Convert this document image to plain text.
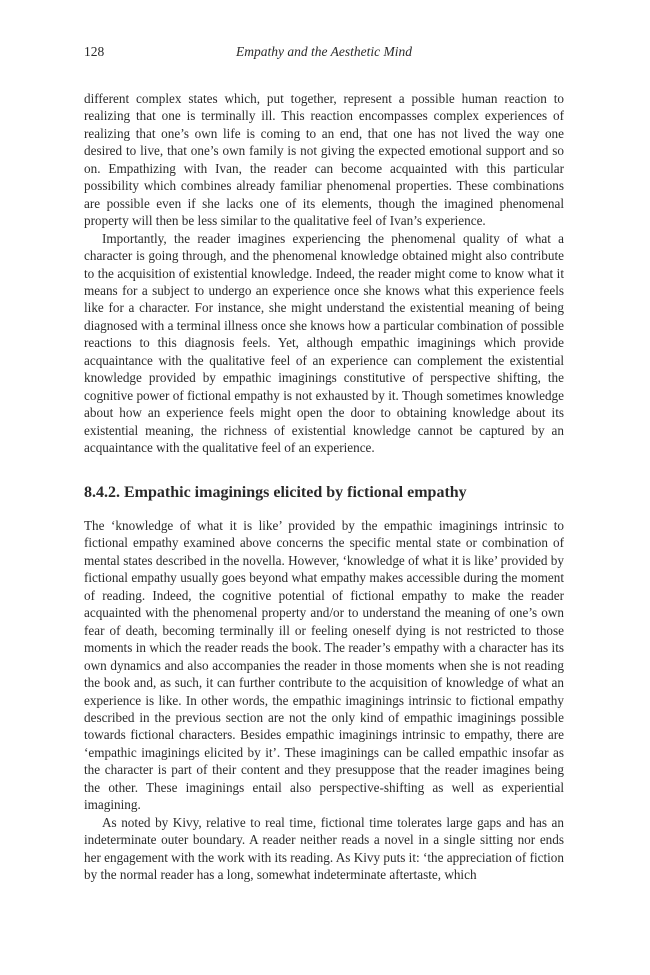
128	Empathy and the Aesthetic Mind

different complex states which, put together, represent a possible human reaction to realizing that one is terminally ill. This reaction encompasses complex experiences of realizing that one’s own life is coming to an end, that one has not lived the way one desired to live, that one’s own family is not giving the expected emotional support and so on. Empathizing with Ivan, the reader can become acquainted with this particular possibility which combines already familiar phenomenal properties. These combinations are possible even if she lacks one of its elements, though the imagined phenomenal property will then be less similar to the qualitative feel of Ivan’s experience.

Importantly, the reader imagines experiencing the phenomenal quality of what a character is going through, and the phenomenal knowledge obtained might also contribute to the acquisition of existential knowledge. Indeed, the reader might come to know what it means for a subject to undergo an experience once she knows what this experience feels like for a character. For instance, she might understand the existential meaning of being diagnosed with a terminal illness once she knows how a particular combination of possible reactions to this diagnosis feels. Yet, although empathic imaginings which provide acquaintance with the qualitative feel of an experience can complement the existential knowledge provided by empathic imaginings constitutive of perspective shifting, the cognitive power of fictional empathy is not exhausted by it. Though sometimes knowledge about how an experience feels might open the door to obtaining knowledge about its existential meaning, the richness of existential knowledge cannot be captured by an acquaintance with the qualitative feel of an experience.

8.4.2. Empathic imaginings elicited by fictional empathy

The ‘knowledge of what it is like’ provided by the empathic imaginings intrinsic to fictional empathy examined above concerns the specific mental state or combination of mental states described in the novella. However, ‘knowledge of what it is like’ provided by fictional empathy usually goes beyond what empathy makes accessible during the moment of reading. Indeed, the cognitive potential of fictional empathy to make the reader acquainted with the phenomenal property and/or to understand the meaning of one’s own fear of death, becoming terminally ill or feeling oneself dying is not restricted to those moments in which the reader reads the book. The reader’s empathy with a character has its own dynamics and also accompanies the reader in those moments when she is not reading the book and, as such, it can further contribute to the acquisition of knowledge of what an experience is like. In other words, the empathic imaginings intrinsic to fictional empathy described in the previous section are not the only kind of empathic imaginings possible towards fictional characters. Besides empathic imaginings intrinsic to empathy, there are ‘empathic imaginings elicited by it’. These imaginings can be called empathic insofar as the character is part of their content and they presuppose that the reader imagines being the other. These imaginings entail also perspective-shifting as well as experiential imagining.

As noted by Kivy, relative to real time, fictional time tolerates large gaps and has an indeterminate outer boundary. A reader neither reads a novel in a single sitting nor ends her engagement with the work with its reading. As Kivy puts it: ‘the appreciation of fiction by the normal reader has a long, somewhat indeterminate aftertaste, which
